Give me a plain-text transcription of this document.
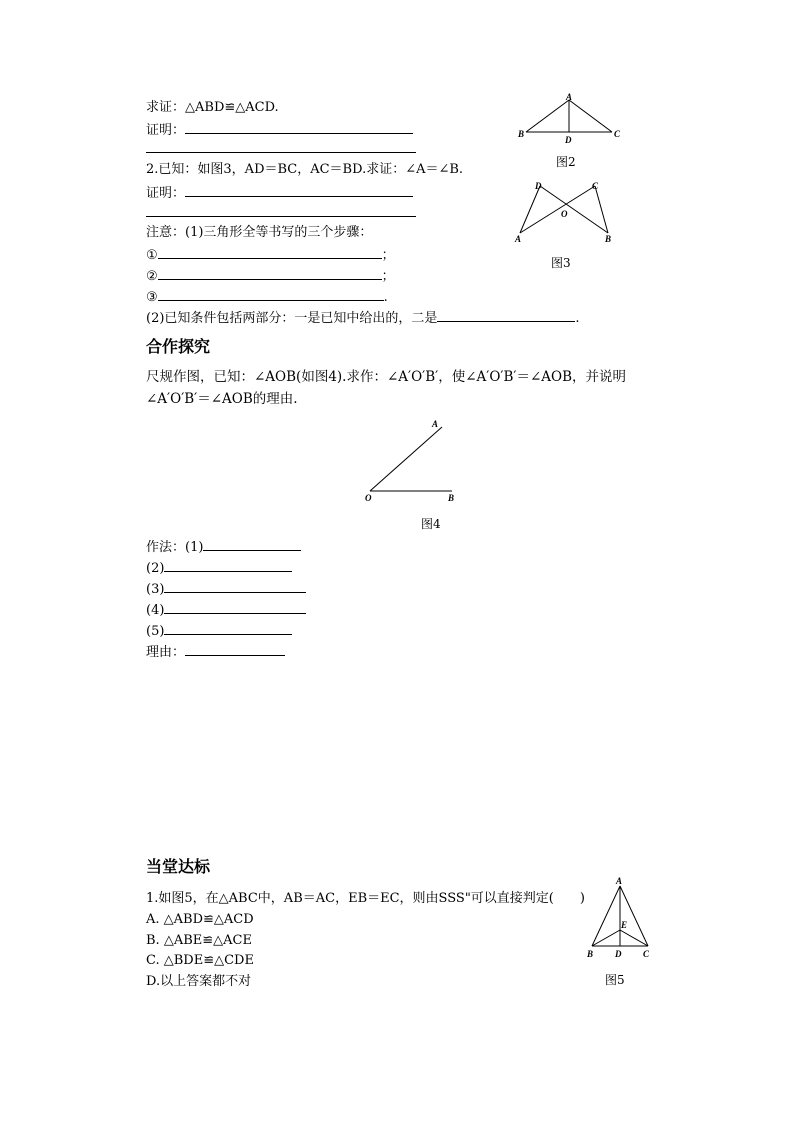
求证：△ABD≌△ACD.
证明：
2.已知：如图3，AD＝BC，AC＝BD.求证：∠A＝∠B.
证明：
注意：(1)三角形全等书写的三个步骤：
①	；
②	；
③	.
(2)已知条件包括两部分：一是已知中给出的，二是	.
A
B	C
D
图2
D	C
O
A	B
图3
合作探究
尺规作图，已知：∠AOB(如图4).求作：∠A′O′B′，使∠A′O′B′＝∠AOB，并说明
∠A′O′B′＝∠AOB的理由.
A
O	B
图4
作法：(1)
(2)
(3)
(4)
(5)
理由：
当堂达标
1.如图5，在△ABC中，AB＝AC，EB＝EC，则由SSS"可以直接判定(　　)
A. △ABD≌△ACD
B. △ABE≌△ACE
C. △BDE≌△CDE
D.以上答案都不对
A
E
B D C
图5
